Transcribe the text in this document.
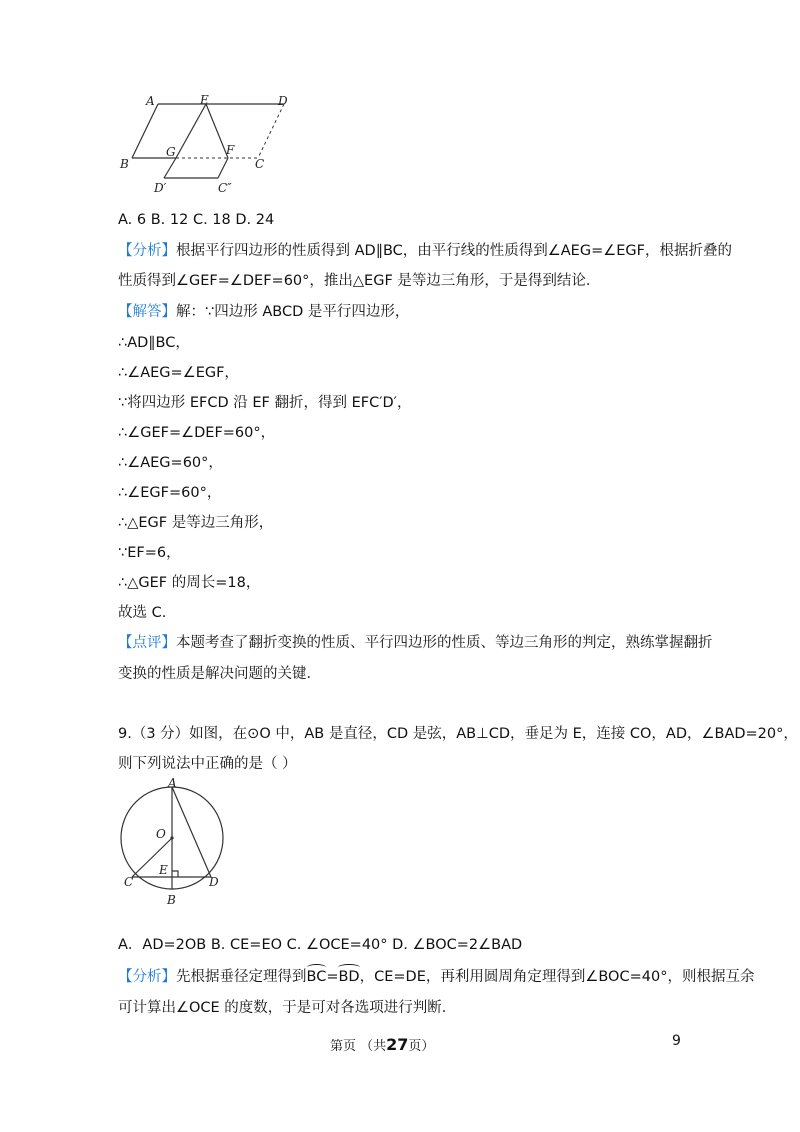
A	E	D
B
G	F
C
D′	C″
A. 6 B. 12 C. 18 D. 24
【分析】根据平行四边形的性质得到 AD∥BC，由平行线的性质得到∠AEG=∠EGF，根据折叠的
性质得到∠GEF=∠DEF=60°，推出△EGF 是等边三角形，于是得到结论．
【解答】解：∵四边形 ABCD 是平行四边形，
∴AD∥BC，
∴∠AEG=∠EGF，
∵将四边形 EFCD 沿 EF 翻折，得到 EFC′D′，
∴∠GEF=∠DEF=60°，
∴∠AEG=60°，
∴∠EGF=60°，
∴△EGF 是等边三角形，
∵EF=6，
∴△GEF 的周长=18，
故选 C.
【点评】本题考查了翻折变换的性质、平行四边形的性质、等边三角形的判定，熟练掌握翻折
变换的性质是解决问题的关键．
9.（3 分）如图，在⊙O 中，AB 是直径，CD 是弦，AB⊥CD，垂足为 E，连接 CO，AD，∠BAD=20°，
则下列说法中正确的是（ ）
A
O
E
C	D
B
A．AD=2OB B. CE=EO C. ∠OCE=40° D. ∠BOC=2∠BAD
【分析】先根据垂径定理得到BC=BD，CE=DE，再利用圆周角定理得到∠BOC=40°，则根据互余
可计算出∠OCE 的度数，于是可对各选项进行判断．
第页 （共27页）	9
